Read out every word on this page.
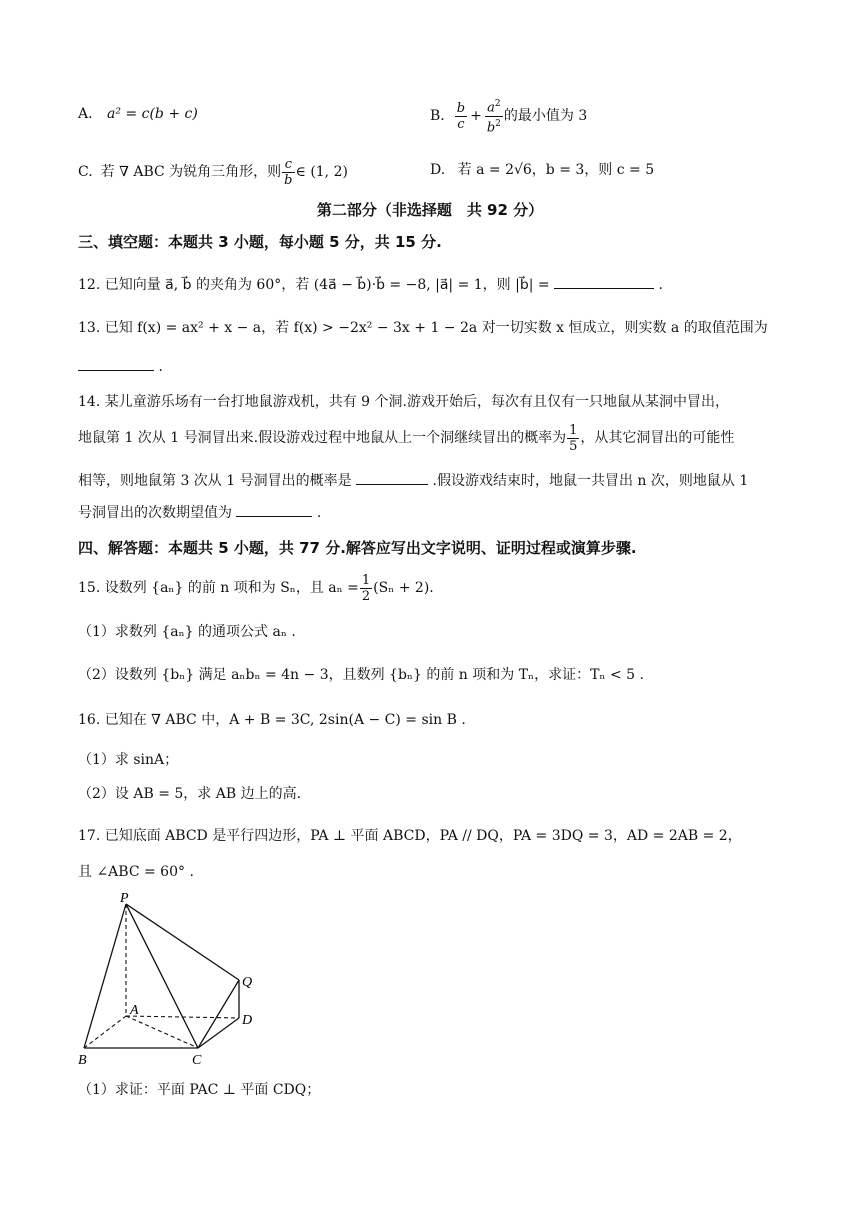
A. a² = c(b + c)	B. $\frac{b}{c} + \frac{a^2}{b^2}$ 的最小值为 3
C. 若 ∇ ABC 为锐角三角形，则 $\frac{c}{b}$ ∈ (1, 2)	D. 若 a = 2√6，b = 3，则 c = 5
第二部分（非选择题　共 92 分）
三、填空题：本题共 3 小题，每小题 5 分，共 15 分.
12. 已知向量 a⃗, b⃗ 的夹角为 60°，若 (4a⃗ − b⃗)·b⃗ = −8, |a⃗| = 1，则 |b⃗| =	.
13. 已知 f(x) = ax² + x − a，若 f(x) > −2x² − 3x + 1 − 2a 对一切实数 x 恒成立，则实数 a 的取值范围为
.
14. 某儿童游乐场有一台打地鼠游戏机，共有 9 个洞.游戏开始后，每次有且仅有一只地鼠从某洞中冒出，
地鼠第 1 次从 1 号洞冒出来.假设游戏过程中地鼠从上一个洞继续冒出的概率为 $\frac{1}{5}$ ，从其它洞冒出的可能性
相等，则地鼠第 3 次从 1 号洞冒出的概率是	.假设游戏结束时，地鼠一共冒出 n 次，则地鼠从 1
号洞冒出的次数期望值为	.
四、解答题：本题共 5 小题，共 77 分.解答应写出文字说明、证明过程或演算步骤.
15. 设数列 {aₙ} 的前 n 项和为 Sₙ，且 $a_n = \frac{1}{2} (S_n + 2)$.
（1）求数列 {aₙ} 的通项公式 aₙ .
（2）设数列 {bₙ} 满足 aₙbₙ = 4n − 3，且数列 {bₙ} 的前 n 项和为 Tₙ，求证：Tₙ < 5 .
16. 已知在 ∇ ABC 中，A + B = 3C, 2sin(A − C) = sin B .
（1）求 sinA；
（2）设 AB = 5，求 AB 边上的高.
17. 已知底面 ABCD 是平行四边形，PA ⊥ 平面 ABCD，PA // DQ，PA = 3DQ = 3，AD = 2AB = 2，
且 ∠ABC = 60° .
P
Q
A
D
B	C
（1）求证：平面 PAC ⊥ 平面 CDQ；
